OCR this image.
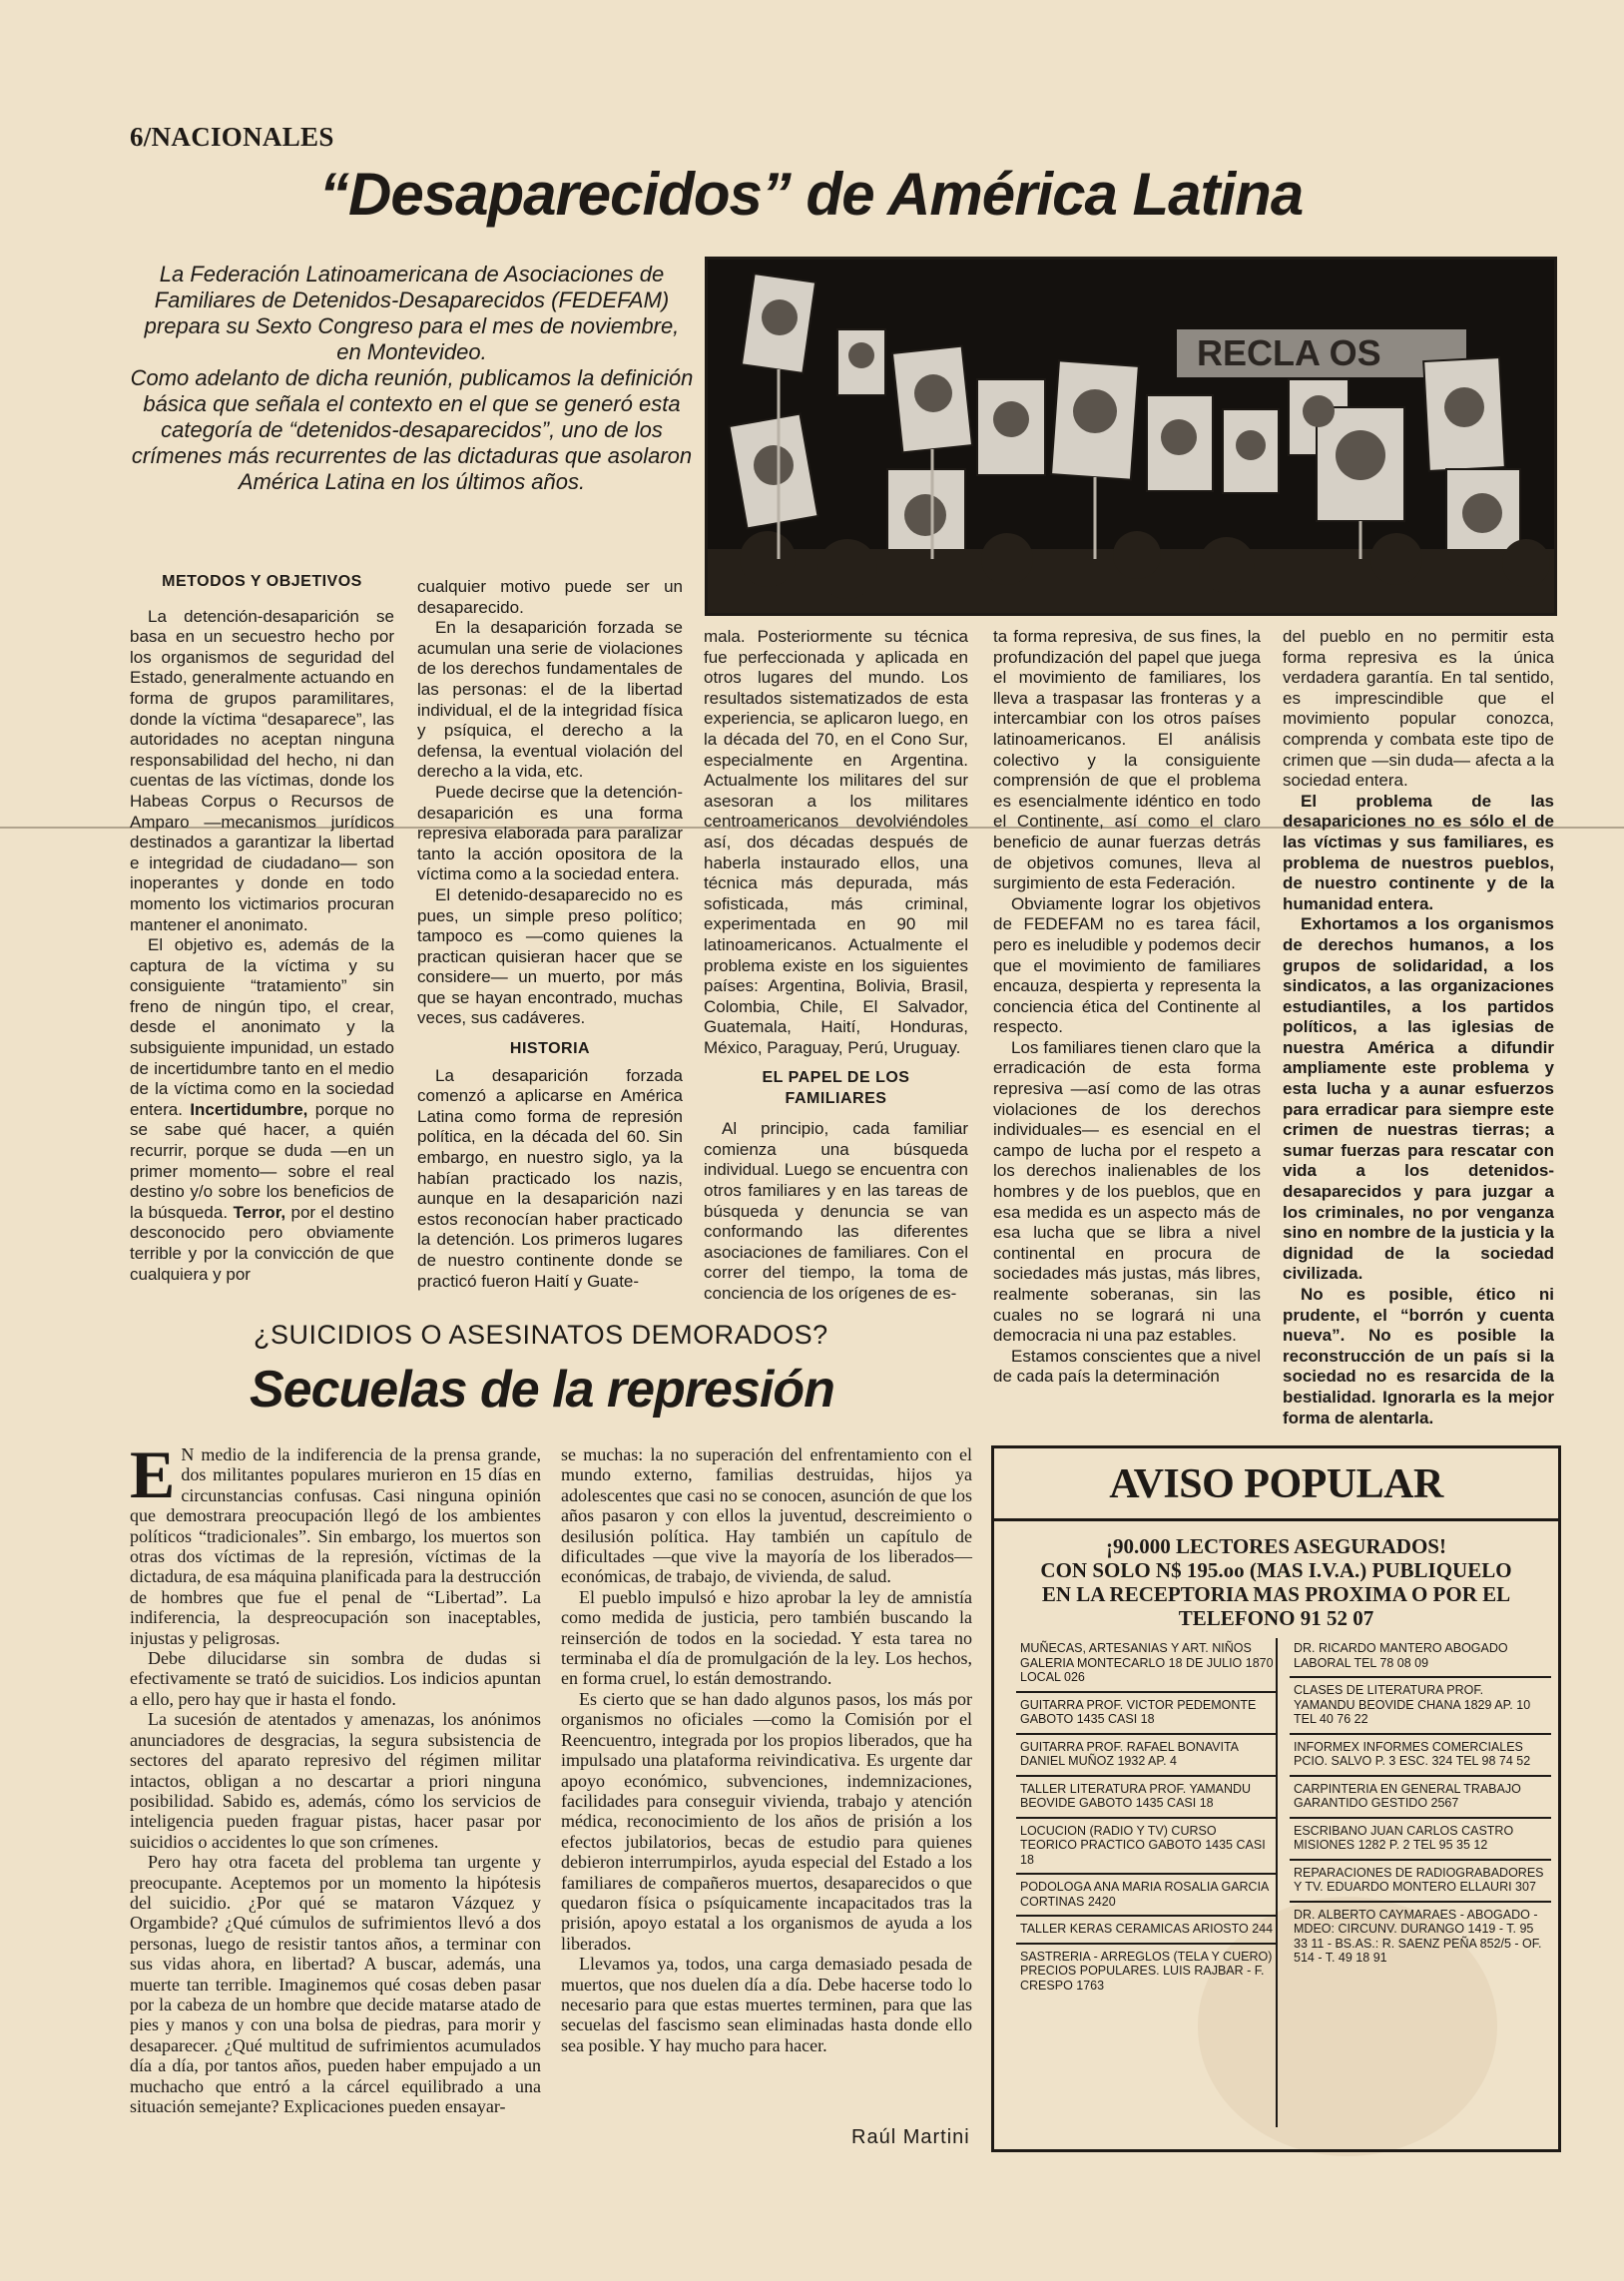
6/NACIONALES
“Desaparecidos” de América Latina

La Federación Latinoamericana de Asociaciones de Familiares de Detenidos-Desaparecidos (FEDEFAM) prepara su Sexto Congreso para el mes de noviembre, en Montevideo.

Como adelanto de dicha reunión, publicamos la definición básica que señala el contexto en el que se generó esta categoría de “detenidos-desaparecidos”, uno de los crímenes más recurrentes de las dictaduras que asolaron América Latina en los últimos años.

RECLA OS
METODOS Y OBJETIVOS

La detención-desaparición se basa en un secuestro hecho por los organismos de seguridad del Estado, generalmente actuando en forma de grupos paramilitares, donde la víctima “desaparece”, las autoridades no aceptan ninguna responsabilidad del hecho, ni dan cuentas de las víctimas, donde los Habeas Corpus o Recursos de Amparo —mecanismos jurídicos destinados a garantizar la libertad e integridad de ciudadano— son inoperantes y donde en todo momento los victimarios procuran mantener el anonimato.

El objetivo es, además de la captura de la víctima y su consiguiente “tratamiento” sin freno de ningún tipo, el crear, desde el anonimato y la subsiguiente impunidad, un estado de incertidumbre tanto en el medio de la víctima como en la sociedad entera. Incertidumbre, porque no se sabe qué hacer, a quién recurrir, porque se duda —en un primer momento— sobre el real destino y/o sobre los beneficios de la búsqueda. Terror, por el destino desconocido pero obviamente terrible y por la convicción de que cualquiera y por

cualquier motivo puede ser un desaparecido.

En la desaparición forzada se acumulan una serie de violaciones de los derechos fundamentales de las personas: el de la libertad individual, el de la integridad física y psíquica, el derecho a la defensa, la eventual violación del derecho a la vida, etc.

Puede decirse que la detención-desaparición es una forma represiva elaborada para paralizar tanto la acción opositora de la víctima como a la sociedad entera.

El detenido-desaparecido no es pues, un simple preso político; tampoco es —como quienes la practican quisieran hacer que se considere— un muerto, por más que se hayan encontrado, muchas veces, sus cadáveres.

HISTORIA

La desaparición forzada comenzó a aplicarse en América Latina como forma de represión política, en la década del 60. Sin embargo, en nuestro siglo, ya la habían practicado los nazis, aunque en la desaparición nazi estos reconocían haber practicado la detención. Los primeros lugares de nuestro continente donde se practicó fueron Haití y Guate-

mala. Posteriormente su técnica fue perfeccionada y aplicada en otros lugares del mundo. Los resultados sistematizados de esta experiencia, se aplicaron luego, en la década del 70, en el Cono Sur, especialmente en Argentina. Actualmente los militares del sur asesoran a los militares centroamericanos devolviéndoles así, dos décadas después de haberla instaurado ellos, una técnica más depurada, más sofisticada, más criminal, experimentada en 90 mil latinoamericanos. Actualmente el problema existe en los siguientes países: Argentina, Bolivia, Brasil, Colombia, Chile, El Salvador, Guatemala, Haití, Honduras, México, Paraguay, Perú, Uruguay.

EL PAPEL DE LOS FAMILIARES

Al principio, cada familiar comienza una búsqueda individual. Luego se encuentra con otros familiares y en las tareas de búsqueda y denuncia se van conformando las diferentes asociaciones de familiares. Con el correr del tiempo, la toma de conciencia de los orígenes de es-

ta forma represiva, de sus fines, la profundización del papel que juega el movimiento de familiares, los lleva a traspasar las fronteras y a intercambiar con los otros países latinoamericanos. El análisis colectivo y la consiguiente comprensión de que el problema es esencialmente idéntico en todo el Continente, así como el claro beneficio de aunar fuerzas detrás de objetivos comunes, lleva al surgimiento de esta Federación.

Obviamente lograr los objetivos de FEDEFAM no es tarea fácil, pero es ineludible y podemos decir que el movimiento de familiares encauza, despierta y representa la conciencia ética del Continente al respecto.

Los familiares tienen claro que la erradicación de esta forma represiva —así como de las otras violaciones de los derechos individuales— es esencial en el campo de lucha por el respeto a los derechos inalienables de los hombres y de los pueblos, que en esa medida es un aspecto más de esa lucha que se libra a nivel continental en procura de sociedades más justas, más libres, realmente soberanas, sin las cuales no se logrará ni una democracia ni una paz estables.

Estamos conscientes que a nivel de cada país la determinación

del pueblo en no permitir esta forma represiva es la única verdadera garantía. En tal sentido, es imprescindible que el movimiento popular conozca, comprenda y combata este tipo de crimen que —sin duda— afecta a la sociedad entera.

El problema de las desapariciones no es sólo el de las víctimas y sus familiares, es problema de nuestros pueblos, de nuestro continente y de la humanidad entera.

Exhortamos a los organismos de derechos humanos, a los grupos de solidaridad, a los sindicatos, a las organizaciones estudiantiles, a los partidos políticos, a las iglesias de nuestra América a difundir ampliamente este problema y esta lucha y a aunar esfuerzos para erradicar para siempre este crimen de nuestras tierras; a sumar fuerzas para rescatar con vida a los detenidos-desaparecidos y para juzgar a los criminales, no por venganza sino en nombre de la justicia y la dignidad de la sociedad civilizada.

No es posible, ético ni prudente, el “borrón y cuenta nueva”. No es posible la reconstrucción de un país si la sociedad no es resarcida de la bestialidad. Ignorarla es la mejor forma de alentarla.

¿SUICIDIOS O ASESINATOS DEMORADOS?
Secuelas de la represión

E N medio de la indiferencia de la prensa grande, dos militantes populares murieron en 15 días en circunstancias confusas. Casi ninguna opinión que demostrara preocupación llegó de los ambientes políticos “tradicionales”. Sin embargo, los muertos son otras dos víctimas de la represión, víctimas de la dictadura, de esa máquina planificada para la destrucción de hombres que fue el penal de “Libertad”. La indiferencia, la despreocupación son inaceptables, injustas y peligrosas.

Debe dilucidarse sin sombra de dudas si efectivamente se trató de suicidios. Los indicios apuntan a ello, pero hay que ir hasta el fondo.

La sucesión de atentados y amenazas, los anónimos anunciadores de desgracias, la segura subsistencia de sectores del aparato represivo del régimen militar intactos, obligan a no descartar a priori ninguna posibilidad. Sabido es, además, cómo los servicios de inteligencia pueden fraguar pistas, hacer pasar por suicidios o accidentes lo que son crímenes.

Pero hay otra faceta del problema tan urgente y preocupante. Aceptemos por un momento la hipótesis del suicidio. ¿Por qué se mataron Vázquez y Orgambide? ¿Qué cúmulos de sufrimientos llevó a dos personas, luego de resistir tantos años, a terminar con sus vidas ahora, en libertad? A buscar, además, una muerte tan terrible. Imaginemos qué cosas deben pasar por la cabeza de un hombre que decide matarse atado de pies y manos y con una bolsa de piedras, para morir y desaparecer. ¿Qué multitud de sufrimientos acumulados día a día, por tantos años, pueden haber empujado a un muchacho que entró a la cárcel equilibrado a una situación semejante? Explicaciones pueden ensayar-

se muchas: la no superación del enfrentamiento con el mundo externo, familias destruidas, hijos ya adolescentes que casi no se conocen, asunción de que los años pasaron y con ellos la juventud, descreimiento o desilusión política. Hay también un capítulo de dificultades —que vive la mayoría de los liberados— económicas, de trabajo, de vivienda, de salud.

El pueblo impulsó e hizo aprobar la ley de amnistía como medida de justicia, pero también buscando la reinserción de todos en la sociedad. Y esta tarea no terminaba el día de promulgación de la ley. Los hechos, en forma cruel, lo están demostrando.

Es cierto que se han dado algunos pasos, los más por organismos no oficiales —como la Comisión por el Reencuentro, integrada por los propios liberados, que ha impulsado una plataforma reivindicativa. Es urgente dar apoyo económico, subvenciones, indemnizaciones, facilidades para conseguir vivienda, trabajo y atención médica, reconocimiento de los años de prisión a los efectos jubilatorios, becas de estudio para quienes debieron interrumpirlos, ayuda especial del Estado a los familiares de compañeros muertos, desaparecidos o que quedaron física o psíquicamente incapacitados tras la prisión, apoyo estatal a los organismos de ayuda a los liberados.

Llevamos ya, todos, una carga demasiado pesada de muertos, que nos duelen día a día. Debe hacerse todo lo necesario para que estas muertes terminen, para que las secuelas del fascismo sean eliminadas hasta donde ello sea posible. Y hay mucho para hacer.

Raúl Martini
AVISO POPULAR
¡90.000 LECTORES ASEGURADOS!
CON SOLO N$ 195.oo (MAS I.V.A.) PUBLIQUELO
EN LA RECEPTORIA MAS PROXIMA O POR EL
TELEFONO 91 52 07
MUÑECAS, ARTESANIAS Y ART. NIÑOS GALERIA MONTECARLO 18 DE JULIO 1870 LOCAL 026
GUITARRA PROF. VICTOR PEDEMONTE GABOTO 1435 CASI 18
GUITARRA PROF. RAFAEL BONAVITA DANIEL MUÑOZ 1932 AP. 4
TALLER LITERATURA PROF. YAMANDU BEOVIDE GABOTO 1435 CASI 18
LOCUCION (RADIO Y TV) CURSO TEORICO PRACTICO GABOTO 1435 CASI 18
PODOLOGA ANA MARIA ROSALIA GARCIA CORTINAS 2420
TALLER KERAS CERAMICAS ARIOSTO 244
SASTRERIA - ARREGLOS (TELA Y CUERO) PRECIOS POPULARES. LUIS RAJBAR - F. CRESPO 1763
DR. RICARDO MANTERO ABOGADO LABORAL TEL 78 08 09
CLASES DE LITERATURA PROF. YAMANDU BEOVIDE CHANA 1829 AP. 10 TEL 40 76 22
INFORMEX INFORMES COMERCIALES PCIO. SALVO P. 3 ESC. 324 TEL 98 74 52
CARPINTERIA EN GENERAL TRABAJO GARANTIDO GESTIDO 2567
ESCRIBANO JUAN CARLOS CASTRO MISIONES 1282 P. 2 TEL 95 35 12
REPARACIONES DE RADIOGRABADORES Y TV. EDUARDO MONTERO ELLAURI 307
DR. ALBERTO CAYMARAES - ABOGADO - MDEO: CIRCUNV. DURANGO 1419 - T. 95 33 11 - BS.AS.: R. SAENZ PEÑA 852/5 - OF. 514 - T. 49 18 91
